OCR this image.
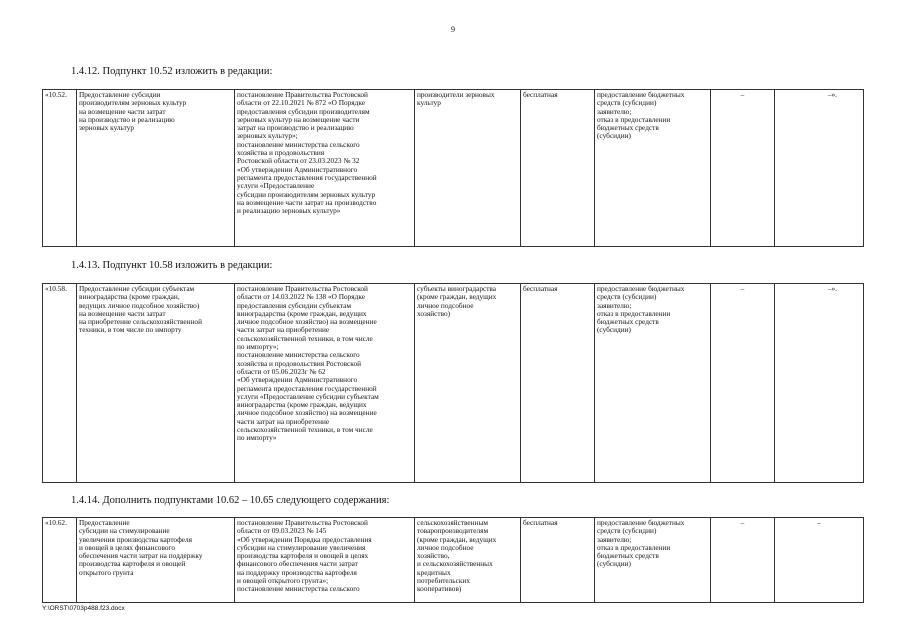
9
1.4.12. Подпункт 10.52 изложить в редакции:
«10.52.	Предоставление субсидии
производителям зерновых культур
на возмещение части затрат
на производство и реализацию
зерновых культур	постановление Правительства Ростовской
области от 22.10.2021 № 872 «О Порядке
предоставления субсидии производителям
зерновых культур на возмещение части
затрат на производство и реализацию
зерновых культур»;
постановление министерства сельского
хозяйства и продовольствия
Ростовской области от 23.03.2023 № 32
«Об утверждении Административного
регламента предоставления государственной
услуги «Предоставление
субсидии производителям зерновых культур
на возмещение части затрат на производство
и реализацию зерновых культур»	производители зерновых
культур	бесплатная	предоставление бюджетных
средств (субсидии)
заявителю;
отказ в предоставлении
бюджетных средств
(субсидии)	–	–».
1.4.13. Подпункт 10.58 изложить в редакции:
«10.58.	Предоставление субсидии субъектам
виноградарства (кроме граждан,
ведущих личное подсобное хозяйство)
на возмещение части затрат
на приобретение сельскохозяйственной
техники, в том числе по импорту	постановление Правительства Ростовской
области от 14.03.2022 № 138 «О Порядке
предоставления субсидии субъектам
виноградарства (кроме граждан, ведущих
личное подсобное хозяйство) на возмещение
части затрат на приобретение
сельскохозяйственной техники, в том числе
по импорту»;
постановление министерства сельского
хозяйства и продовольствия Ростовской
области от 05.06.2023г № 62
«Об утверждении Административного
регламента предоставления государственной
услуги «Предоставление субсидии субъектам
виноградарства (кроме граждан, ведущих
личное подсобное хозяйство) на возмещение
части затрат на приобретение
сельскохозяйственной техники, в том числе
по импорту»	субъекты виноградарства
(кроме граждан, ведущих
личное подсобное
хозяйство)	бесплатная	предоставление бюджетных
средств (субсидии)
заявителю;
отказ в предоставлении
бюджетных средств
(субсидии)	–	–».
1.4.14. Дополнить подпунктами 10.62 – 10.65 следующего содержания:
«10.62.	Предоставление
субсидии на стимулирование
увеличения производства картофеля
и овощей в целях финансового
обеспечения части затрат на поддержку
производства картофеля и овощей
открытого грунта	постановление Правительства Ростовской
области от 09.03.2023 № 145
«Об утверждении Порядка предоставления
субсидии на стимулирование увеличения
производства картофеля и овощей в целях
финансового обеспечения части затрат
на поддержку производства картофеля
и овощей открытого грунта»;
постановление министерства сельского	сельскохозяйственным
товаропроизводителям
(кроме граждан, ведущих
личное подсобное
хозяйство,
и сельскохозяйственных
кредитных
потребительских
кооперативов)	бесплатная	предоставление бюджетных
средств (субсидии)
заявителю;
отказ в предоставлении
бюджетных средств
(субсидии)	–	–
Y:\ORST\0703p488.f23.docx
